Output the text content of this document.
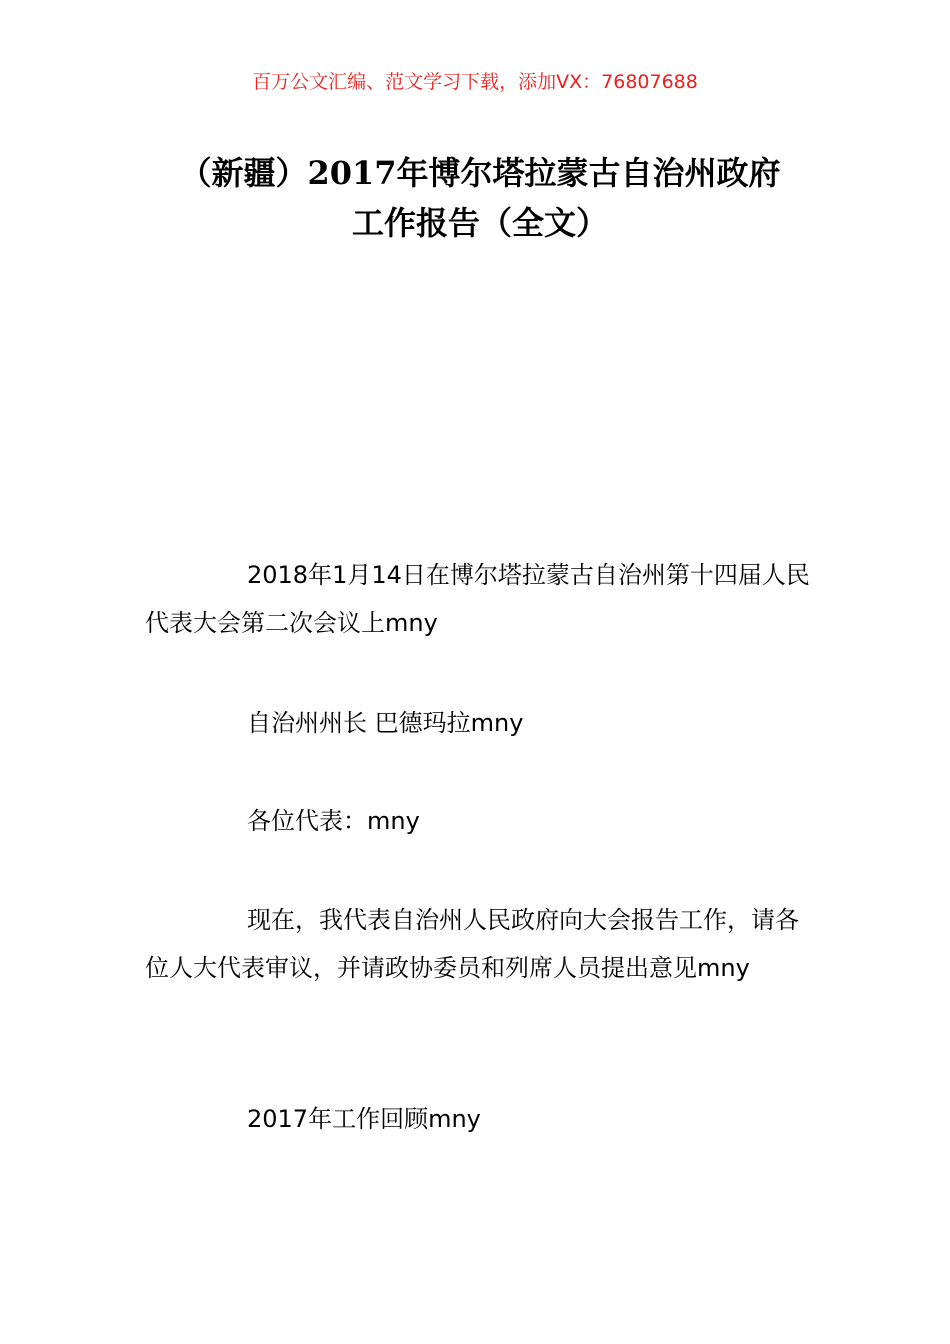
百万公文汇编、范文学习下载，添加VX：76807688
（新疆）2017年博尔塔拉蒙古自治州政府
工作报告（全文）

2018年1月14日在博尔塔拉蒙古自治州第十四届人民代表大会第二次会议上mny

自治州州长 巴德玛拉mny

各位代表：mny

现在，我代表自治州人民政府向大会报告工作，请各位人大代表审议，并请政协委员和列席人员提出意见mny

2017年工作回顾mny
